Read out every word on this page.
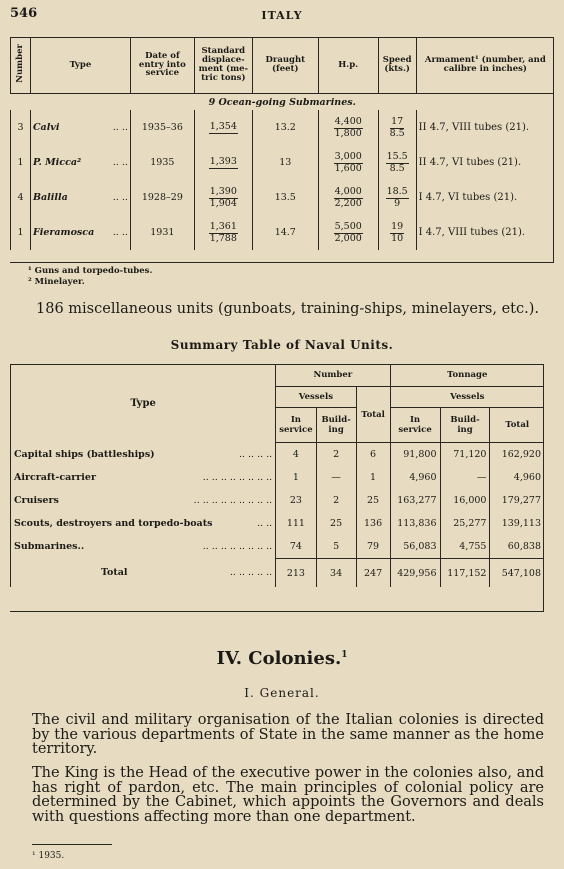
546	ITALY
Number	Type	Date of entry into service	Standard displace-ment (me-tric tons)	Draught (feet)	H.p.	Speed (kts.)	Armament¹ (number, and calibre in inches)
9 Ocean-going Submarines.							
3	Calvi .. ..	1935–36	1,354	13.2	$\frac{4,400}{1,800}$	$\frac{17}{8.5}$	II 4.7, VIII tubes (21).
1	P. Micca² .. ..	1935	1,393	13	$\frac{3,000}{1,600}$	$\frac{15.5}{8.5}$	II 4.7, VI tubes (21).
4	Balilla .. ..	1928–29	$\frac{1,390}{1,904}$	13.5	$\frac{4,000}{2,200}$	$\frac{18.5}{9}$	I 4.7, VI tubes (21).
1	Fieramosca .. ..	1931	$\frac{1,361}{1,788}$	14.7	$\frac{5,500}{2,000}$	$\frac{19}{10}$	I 4.7, VIII tubes (21).
¹ Guns and torpedo-tubes.
² Minelayer.
186 miscellaneous units (gunboats, training-ships, minelayers, etc.).
Summary Table of Naval Units.
Type	Number			Tonnage		
	Vessels		Total	Vessels		
	In service	Build-ing		In service	Build-ing	Total
Capital ships (battleships) .. .. .. ..	4	2	6	91,800	71,120	162,920
Aircraft-carrier .. .. .. .. .. .. .. ..	1	—	1	4,960	—	4,960
Cruisers .. .. .. .. .. .. .. .. ..	23	2	25	163,277	16,000	179,277
Scouts, destroyers and torpedo-boats .. ..	111	25	136	113,836	25,277	139,113
Submarines.. .. .. .. .. .. .. .. ..	74	5	79	56,083	4,755	60,838
Total .. .. .. .. ..	213	34	247	429,956	117,152	547,108
IV. Colonies.$^1$
I. General.
The civil and military organisation of the Italian colonies is directed by the various departments of State in the same manner as the home territory.
The King is the Head of the executive power in the colonies also, and has right of pardon, etc. The main principles of colonial policy are determined by the Cabinet, which appoints the Governors and deals with questions affecting more than one department.
¹ 1935.
